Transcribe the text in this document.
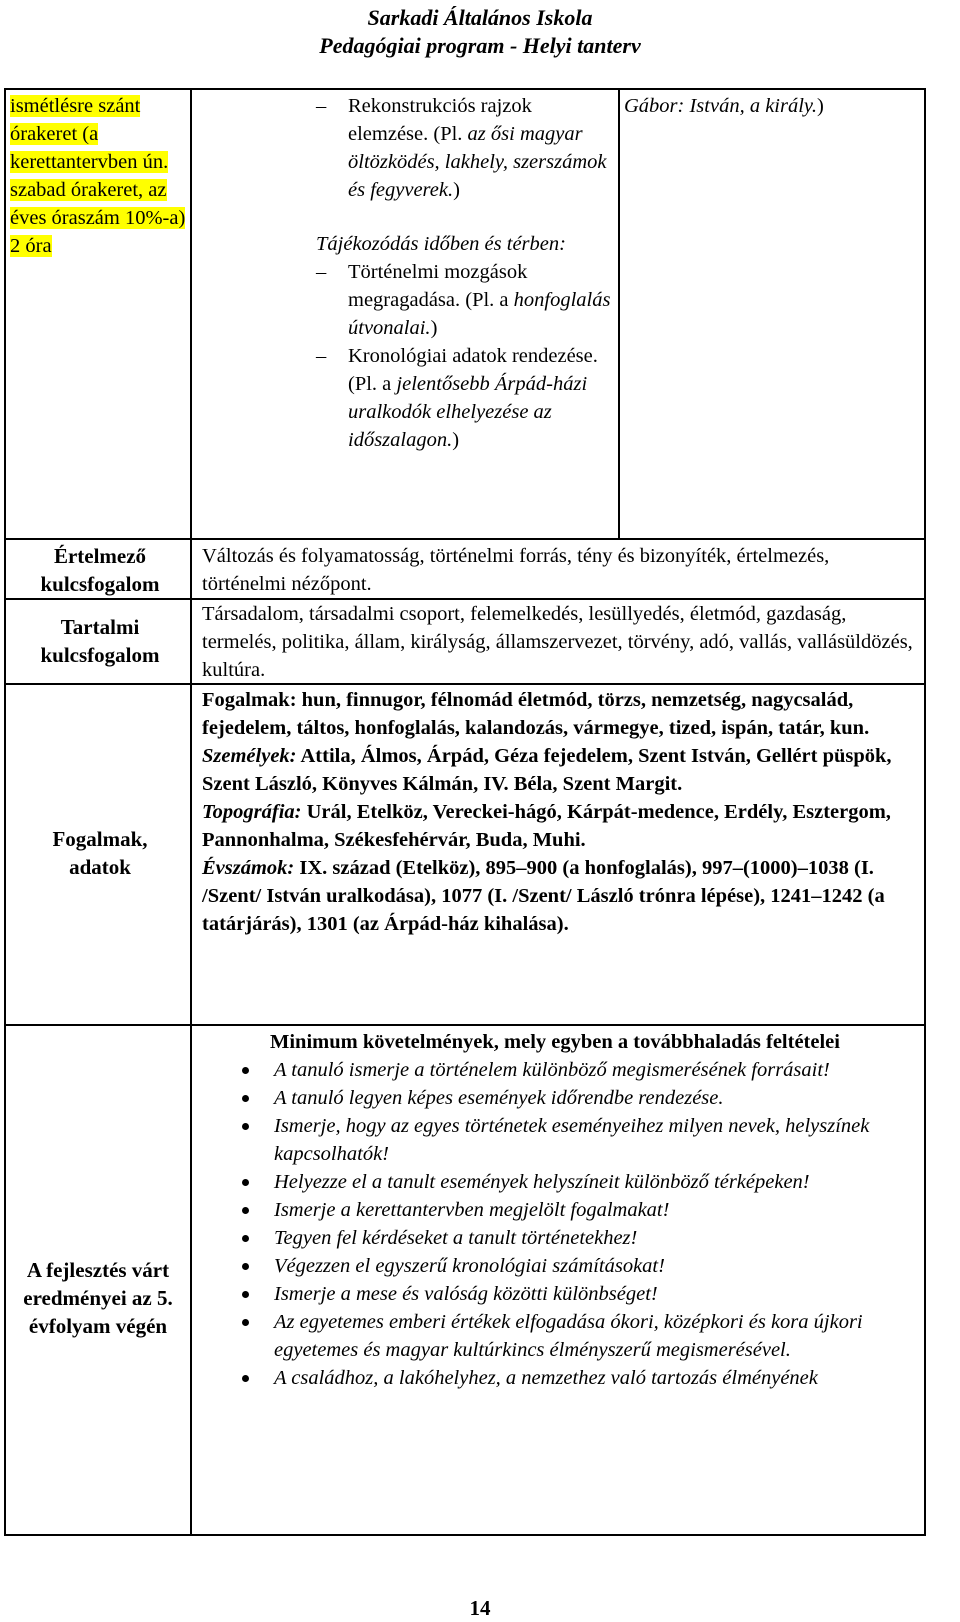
Sarkadi Általános Iskola
Pedagógiai program - Helyi tanterv
ismétlésre szánt órakeret (a kerettantervben ún. szabad órakeret, az éves óraszám 10%-a) 2 óra
– Rekonstrukciós rajzok elemzése. (Pl. az ősi magyar öltözködés, lakhely, szerszámok és fegyverek.)
Tájékozódás időben és térben:
– Történelmi mozgások megragadása. (Pl. a honfoglalás útvonalai.)
– Kronológiai adatok rendezése. (Pl. a jelentősebb Árpád-házi uralkodók elhelyezése az időszalagon.)
Gábor: István, a király.)
Értelmező kulcsfogalom
Tartalmi kulcsfogalom
Változás és folyamatosság, történelmi forrás, tény és bizonyíték, értelmezés, történelmi nézőpont.
Társadalom, társadalmi csoport, felemelkedés, lesüllyedés, életmód, gazdaság, termelés, politika, állam, királyság, államszervezet, törvény, adó, vallás, vallásüldözés, kultúra.
Fogalmak, adatok
Fogalmak: hun, finnugor, félnomád életmód, törzs, nemzetség, nagycsalád, fejedelem, táltos, honfoglalás, kalandozás, vármegye, tized, ispán, tatár, kun.
Személyek: Attila, Álmos, Árpád, Géza fejedelem, Szent István, Gellért püspök, Szent László, Könyves Kálmán, IV. Béla, Szent Margit.
Topográfia: Urál, Etelköz, Vereckei-hágó, Kárpát-medence, Erdély, Esztergom, Pannonhalma, Székesfehérvár, Buda, Muhi.
Évszámok: IX. század (Etelköz), 895–900 (a honfoglalás), 997–(1000)–1038 (I. /Szent/ István uralkodása), 1077 (I. /Szent/ László trónra lépése), 1241–1242 (a tatárjárás), 1301 (az Árpád-ház kihalása).
A fejlesztés várt eredményei az 5. évfolyam végén
Minimum követelmények, mely egyben a továbbhaladás feltételei
A tanuló ismerje a történelem különböző megismerésének forrásait!
A tanuló legyen képes események időrendbe rendezése.
Ismerje, hogy az egyes történetek eseményeihez milyen nevek, helyszínek kapcsolhatók!
Helyezze el a tanult események helyszíneit különböző térképeken!
Ismerje a kerettantervben megjelölt fogalmakat!
Tegyen fel kérdéseket a tanult történetekhez!
Végezzen el egyszerű kronológiai számításokat!
Ismerje a mese és valóság közötti különbséget!
Az egyetemes emberi értékek elfogadása ókori, középkori és kora újkori egyetemes és magyar kultúrkincs élményszerű megismerésével.
A családhoz, a lakóhelyhez, a nemzethez való tartozás élményének
14
